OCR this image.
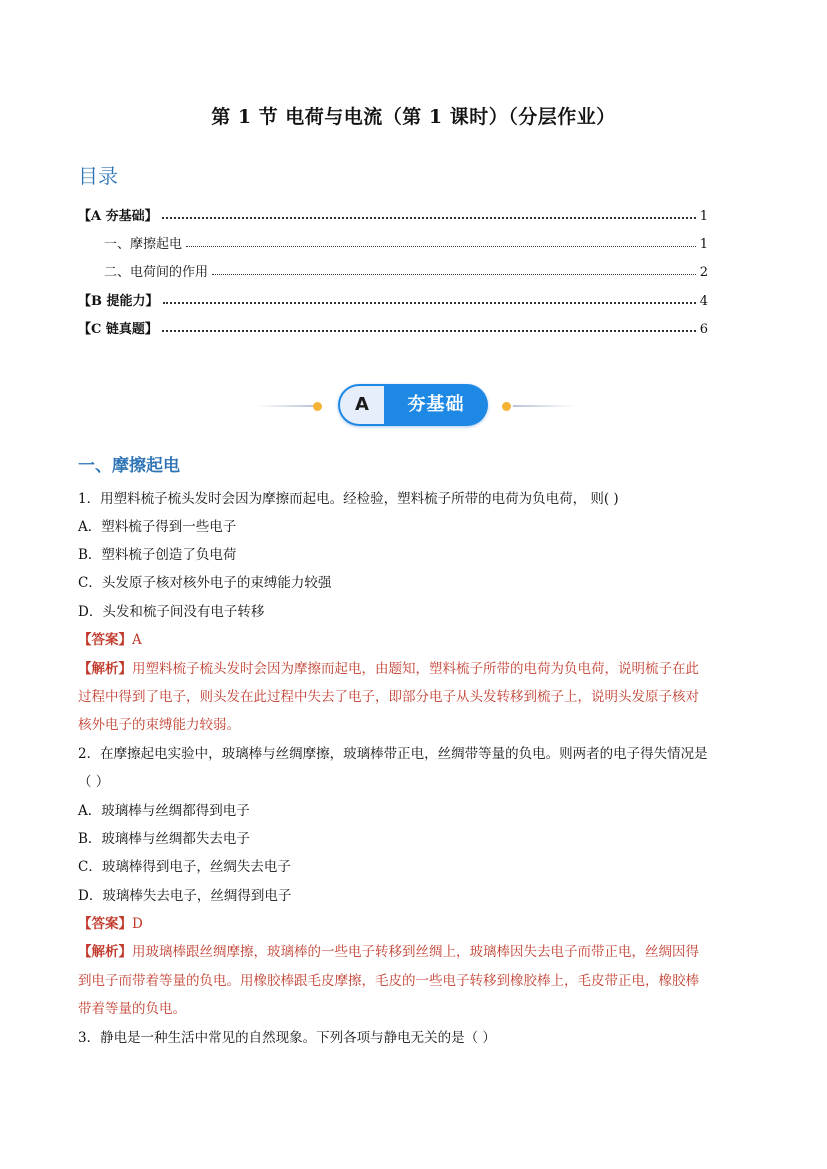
第 1 节 电荷与电流（第 1 课时）（分层作业）
目录
【A 夯基础】	1
一、摩擦起电	1
二、电荷间的作用	2
【B 提能力】	4
【C 链真题】	6
A	夯基础
一、摩擦起电
1．用塑料梳子梳头发时会因为摩擦而起电。经检验，塑料梳子所带的电荷为负电荷， 则( )
A．塑料梳子得到一些电子
B．塑料梳子创造了负电荷
C．头发原子核对核外电子的束缚能力较强
D．头发和梳子间没有电子转移
【答案】A
【解析】用塑料梳子梳头发时会因为摩擦而起电，由题知，塑料梳子所带的电荷为负电荷，说明梳子在此
过程中得到了电子，则头发在此过程中失去了电子，即部分电子从头发转移到梳子上，说明头发原子核对
核外电子的束缚能力较弱。
2．在摩擦起电实验中，玻璃棒与丝绸摩擦，玻璃棒带正电，丝绸带等量的负电。则两者的电子得失情况是
（ ）
A．玻璃棒与丝绸都得到电子
B．玻璃棒与丝绸都失去电子
C．玻璃棒得到电子，丝绸失去电子
D．玻璃棒失去电子，丝绸得到电子
【答案】D
【解析】用玻璃棒跟丝绸摩擦，玻璃棒的一些电子转移到丝绸上，玻璃棒因失去电子而带正电，丝绸因得
到电子而带着等量的负电。用橡胶棒跟毛皮摩擦，毛皮的一些电子转移到橡胶棒上，毛皮带正电，橡胶棒
带着等量的负电。
3．静电是一种生活中常见的自然现象。下列各项与静电无关的是（ ）
